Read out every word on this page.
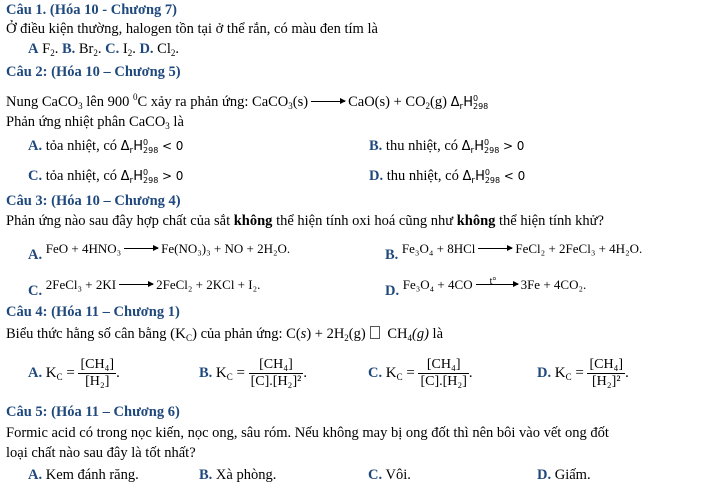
Câu 1. (Hóa 10 - Chương 7)
Ở điều kiện thường, halogen tồn tại ở thể rắn, có màu đen tím là
A $F_2$. B. $Br_2$. C. $I_2$. D. $Cl_2$.
Câu 2: (Hóa 10 – Chương 5)
Nung CaCO$_3$ lên 900 $^0$C xảy ra phản ứng: CaCO$_3$(s)	$CaO(s) + CO_2(g)$ $\Delta_rH0$
298
Phản ứng nhiệt phân CaCO$_3$ là
A. tỏa nhiệt, có $\Delta_rH0$
298 < 0	B. thu nhiệt, có $\Delta_rH0$
298 > 0
C. tỏa nhiệt, có $\Delta_rH0$
298 > 0	D. thu nhiệt, có $\Delta_rH0$
298 < 0
Câu 3: (Hóa 10 – Chương 4)
Phản ứng nào sau đây hợp chất của sắt không thể hiện tính oxi hoá cũng như không thể hiện tính khử?
A. FeO + 4HNO₃	Fe(NO₃)₃ + NO + 2H₂O.	B. Fe₃O₄ + 8HCl	FeCl₂ + 2FeCl₃ + 4H₂O.
C. 2FeCl₃ + 2KI	2FeCl₂ + 2KCl + I₂.	D. Fe₃O₄ + 4CO t° 3Fe + 4CO₂.
Câu 4: (Hóa 11 – Chương 1)
Biểu thức hằng số cân bằng $(K_C)$ của phản ứng: $C(s) + 2H_2(g)$ $CH_4(g)$ là
A. $K_C = \frac{\text{[CH₄]}}{\text{[H₂]}}$ .	B. $K_C = \frac{\text{[CH₄]}}{\text{[C].[H₂]²}}$ .	C. $K_C = \frac{\text{[CH₄]}}{\text{[C].[H₂]}}$ .	D. $K_C = \frac{\text{[CH₄]}}{\text{[H₂]²}}$ .
Câu 5: (Hóa 11 – Chương 6)
Formic acid có trong nọc kiến, nọc ong, sâu róm. Nếu không may bị ong đốt thì nên bôi vào vết ong đốt
loại chất nào sau đây là tốt nhất?
A. Kem đánh răng.	B. Xà phòng.	C. Vôi.	D. Giấm.
